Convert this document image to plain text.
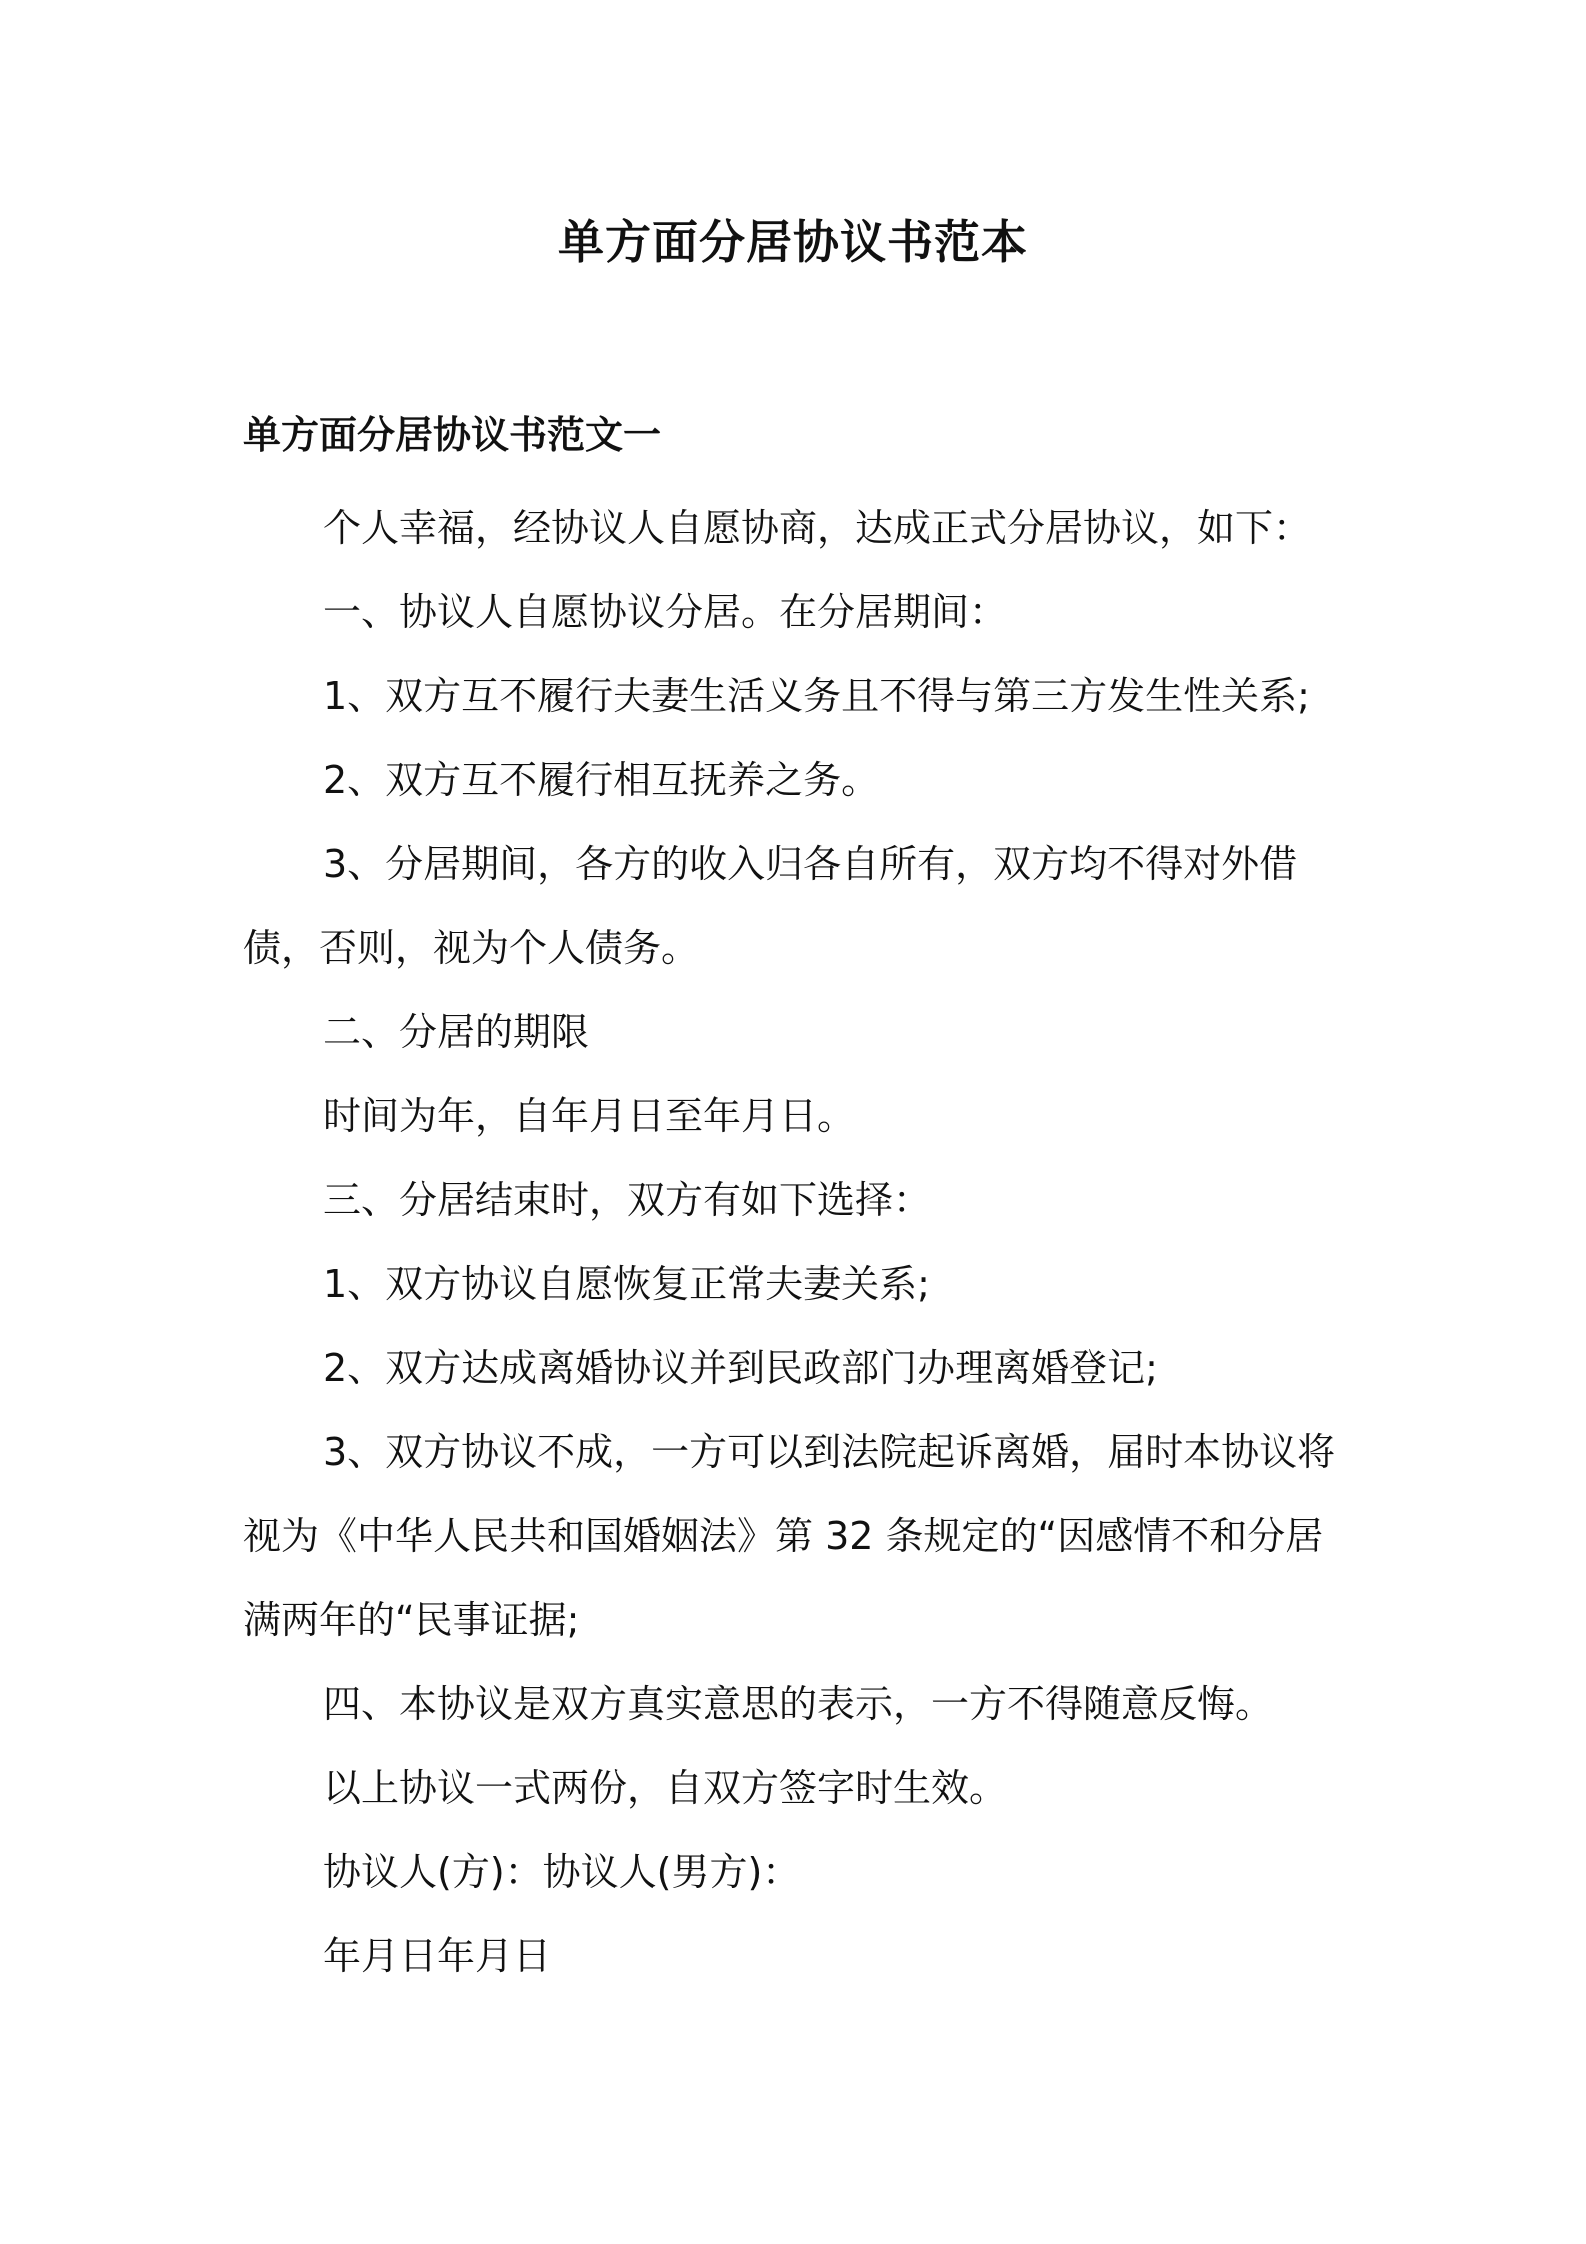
单方面分居协议书范本
单方面分居协议书范文一

个人幸福，经协议人自愿协商，达成正式分居协议，如下：

一、协议人自愿协议分居。在分居期间：

1、双方互不履行夫妻生活义务且不得与第三方发生性关系;

2、双方互不履行相互抚养之务。

3、分居期间，各方的收入归各自所有，双方均不得对外借债，否则，视为个人债务。

二、分居的期限

时间为年，自年月日至年月日。

三、分居结束时，双方有如下选择：

1、双方协议自愿恢复正常夫妻关系;

2、双方达成离婚协议并到民政部门办理离婚登记;

3、双方协议不成，一方可以到法院起诉离婚，届时本协议将视为《中华人民共和国婚姻法》第 32 条规定的“因感情不和分居满两年的“民事证据;

四、本协议是双方真实意思的表示，一方不得随意反悔。

以上协议一式两份，自双方签字时生效。

协议人(方)：协议人(男方)：

年月日年月日
